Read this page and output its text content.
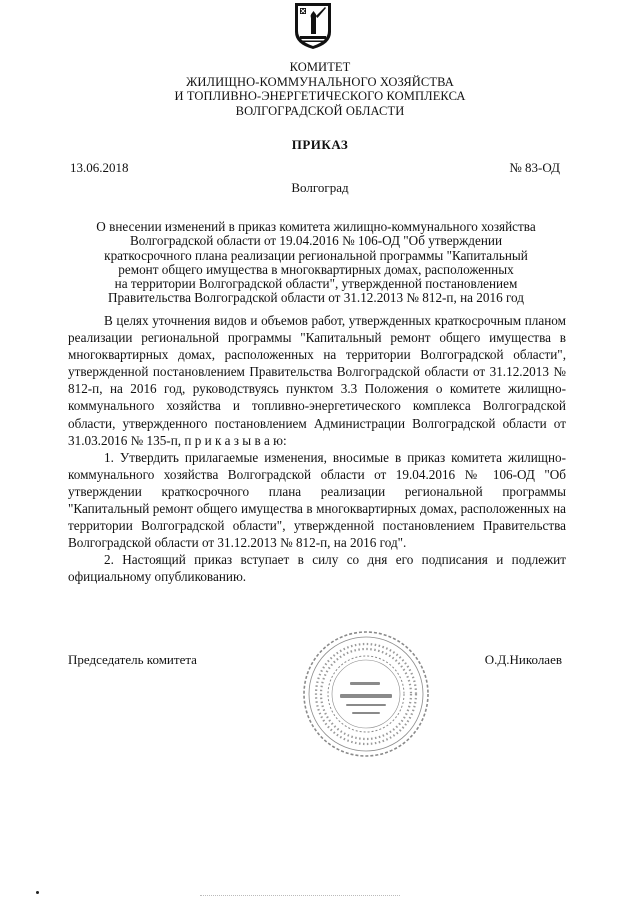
КОМИТЕТ
ЖИЛИЩНО-КОММУНАЛЬНОГО ХОЗЯЙСТВА
И ТОПЛИВНО-ЭНЕРГЕТИЧЕСКОГО КОМПЛЕКСА
ВОЛГОГРАДСКОЙ ОБЛАСТИ
ПРИКАЗ
13.06.2018	№ 83-ОД
Волгоград
О внесении изменений в приказ комитета жилищно-коммунального хозяйства
Волгоградской области от 19.04.2016 № 106-ОД "Об утверждении
краткосрочного плана реализации региональной программы "Капитальный
ремонт общего имущества в многоквартирных домах, расположенных
на территории Волгоградской области", утвержденной постановлением
Правительства Волгоградской области от 31.12.2013 № 812-п, на 2016 год

В целях уточнения видов и объемов работ, утвержденных краткосрочным планом реализации региональной программы "Капитальный ремонт общего имущества в многоквартирных домах, расположенных на территории Волгоградской области", утвержденной постановлением Правительства Волгоградской области от 31.12.2013 № 812-п, на 2016 год, руководствуясь пунктом 3.3 Положения о комитете жилищно-коммунального хозяйства и топливно-энергетического комплекса Волгоградской области, утвержденного постановлением Администрации Волгоградской области от 31.03.2016 № 135-п, п р и к а з ы в а ю:

1. Утвердить прилагаемые изменения, вносимые в приказ комитета жилищно-коммунального хозяйства Волгоградской области от 19.04.2016 № 106-ОД "Об утверждении краткосрочного плана реализации региональной программы "Капитальный ремонт общего имущества в многоквартирных домах, расположенных на территории Волгоградской области", утвержденной постановлением Правительства Волгоградской области от 31.12.2013 № 812-п, на 2016 год".

2. Настоящий приказ вступает в силу со дня его подписания и подлежит официальному опубликованию.

Председатель комитета	О.Д.Николаев
